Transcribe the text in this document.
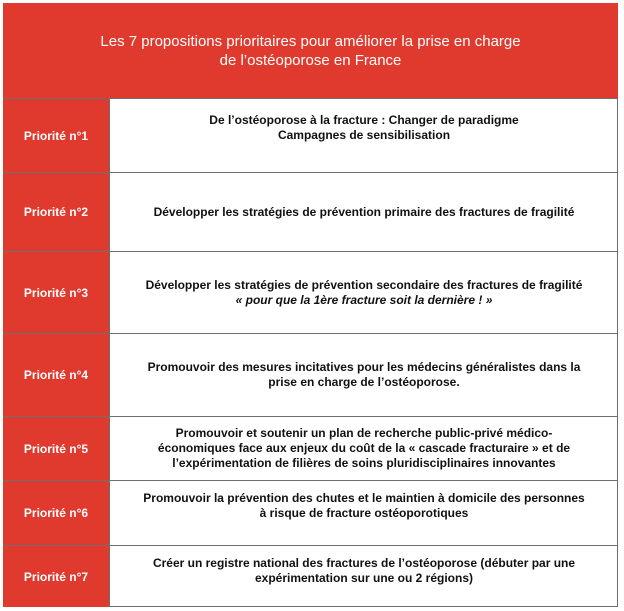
Les 7 propositions prioritaires pour améliorer la prise en charge
de l’ostéoporose en France
Priorité n°1
De l’ostéoporose à la fracture : Changer de paradigme
Campagnes de sensibilisation
Priorité n°2	Développer les stratégies de prévention primaire des fractures de fragilité
Priorité n°3
Développer les stratégies de prévention secondaire des fractures de fragilité
« pour que la 1ère fracture soit la dernière ! »
Priorité n°4
Promouvoir des mesures incitatives pour les médecins généralistes dans la
prise en charge de l’ostéoporose.
Priorité n°5
Promouvoir et soutenir un plan de recherche public-privé médico-
économiques face aux enjeux du coût de la « cascade fracturaire » et de
l’expérimentation de filières de soins pluridisciplinaires innovantes
Priorité n°6
Promouvoir la prévention des chutes et le maintien à domicile des personnes
à risque de fracture ostéoporotiques
Priorité n°7
Créer un registre national des fractures de l’ostéoporose (débuter par une
expérimentation sur une ou 2 régions)
